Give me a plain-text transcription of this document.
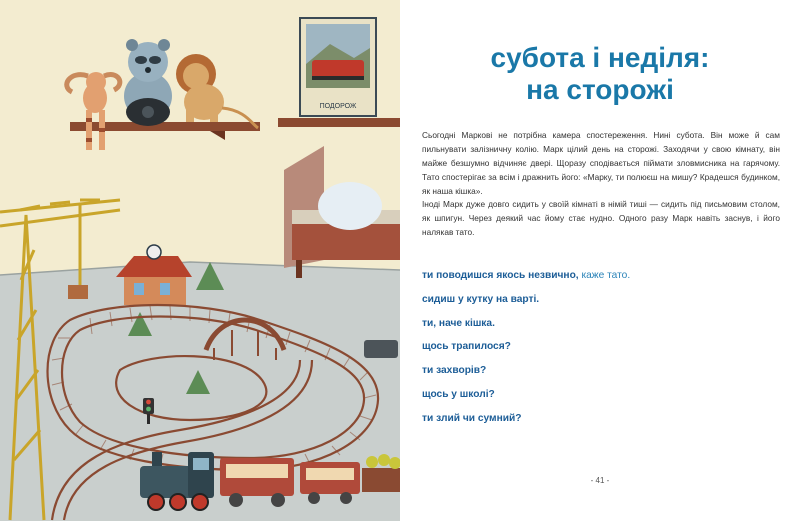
ПОДОРОЖ
субота і неділя:
на сторожі

Сьогодні Маркові не потрібна камера спостереження. Нині субота. Він може й сам пильнувати залізничну колію. Марк цілий день на сторожі. Заходячи у свою кімнату, він майже безшумно відчиняє двері. Щоразу сподівається піймати зловмисника на гарячому. Тато спостерігає за всім і дражнить його: «Марку, ти полюєш на мишу? Крадешся будинком, як наша кішка».

Іноді Марк дуже довго сидить у своїй кімнаті в німій тиші — сидить під письмовим столом, як шпигун. Через деякий час йому стає нудно. Одного разу Марк навіть заснув, і його налякав тато.

ти поводишся якось незвично, каже тато.
сидиш у кутку на варті.
ти, наче кішка.
щось трапилося?
ти захворів?
щось у школі?
ти злий чи сумний?
- 41 -
